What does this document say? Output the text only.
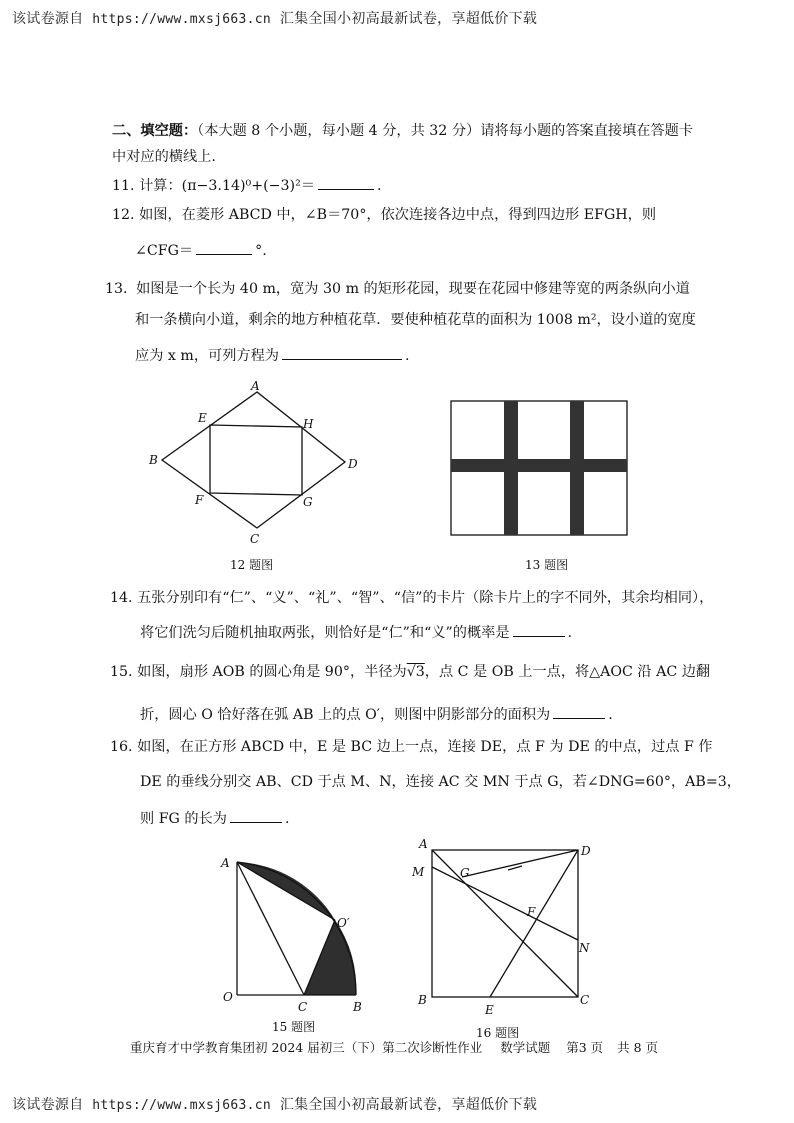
该试卷源自 https://www.mxsj663.cn 汇集全国小初高最新试卷，享超低价下载
二、填空题：（本大题 8 个小题，每小题 4 分，共 32 分）请将每小题的答案直接填在答题卡
中对应的横线上.
11. 计算：(π−3.14)⁰+(−3)²＝	.
12. 如图，在菱形 ABCD 中，∠B＝70°，依次连接各边中点，得到四边形 EFGH，则
∠CFG＝	°.
13. 如图是一个长为 40 m，宽为 30 m 的矩形花园，现要在花园中修建等宽的两条纵向小道
和一条横向小道，剩余的地方种植花草．要使种植花草的面积为 1008 m²，设小道的宽度
应为 x m，可列方程为	.
A
B
C
D
E
F	G
H
12 题图	13 题图
14. 五张分别印有“仁”、“义”、“礼”、“智”、“信”的卡片（除卡片上的字不同外，其余均相同），
将它们洗匀后随机抽取两张，则恰好是“仁”和“义”的概率是	.
15. 如图，扇形 AOB 的圆心角是 90°，半径为√3，点 C 是 OB 上一点，将△AOC 沿 AC 边翻
折，圆心 O 恰好落在弧 AB 上的点 O′，则图中阴影部分的面积为	.
16. 如图，在正方形 ABCD 中，E 是 BC 边上一点，连接 DE，点 F 为 DE 的中点，过点 F 作
DE 的垂线分别交 AB、CD 于点 M、N，连接 AC 交 MN 于点 G，若∠DNG=60°，AB=3，
则 FG 的长为	.
A
O
C	B
O′
15 题图
A	D
M	G
F
N
B
E
C
16 题图
重庆育才中学教育集团初 2024 届初三（下）第二次诊断性作业 数学试题 第3 页 共 8 页
该试卷源自 https://www.mxsj663.cn 汇集全国小初高最新试卷，享超低价下载
